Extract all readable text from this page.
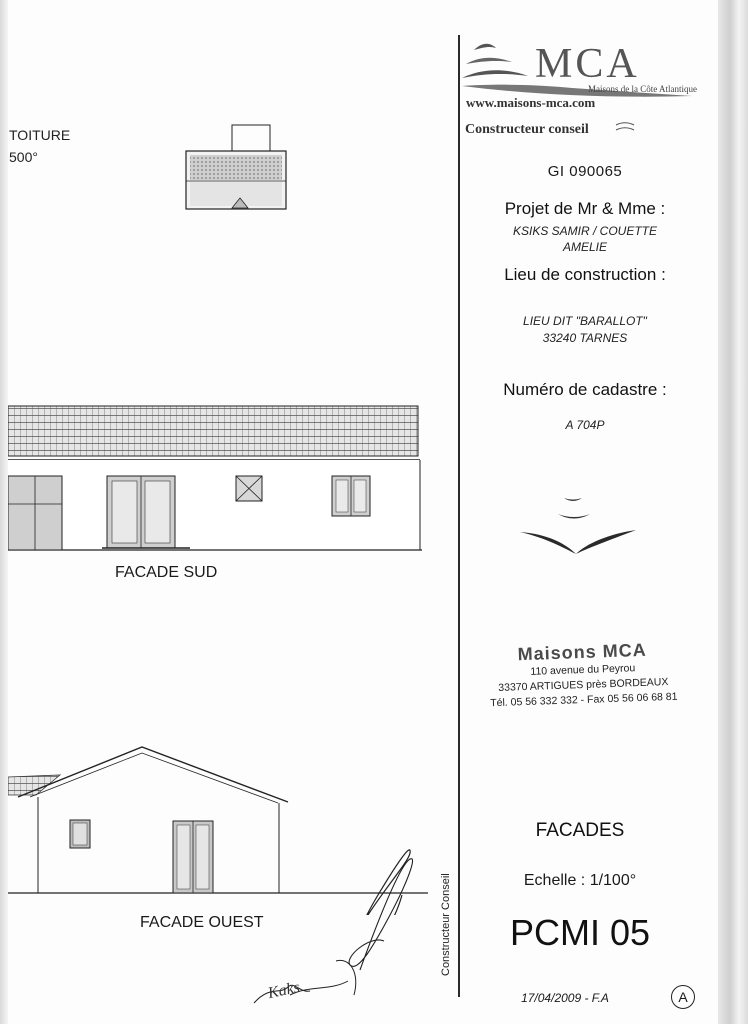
TOITURE
500°
FACADE SUD
FACADE OUEST
Kaks
MCA
Maisons de la Côte Atlantique
www.maisons-mca.com
Constructeur conseil
GI 090065
Projet de Mr & Mme :
KSIKS SAMIR / COUETTE
AMELIE
Lieu de construction :
LIEU DIT "BARALLOT"
33240 TARNES
Numéro de cadastre :
A 704P
Maisons MCA
110 avenue du Peyrou
33370 ARTIGUES près BORDEAUX
Tél. 05 56 332 332 - Fax 05 56 06 68 81
FACADES
Echelle : 1/100°
PCMI 05
Constructeur Conseil
17/04/2009 - F.A	A
